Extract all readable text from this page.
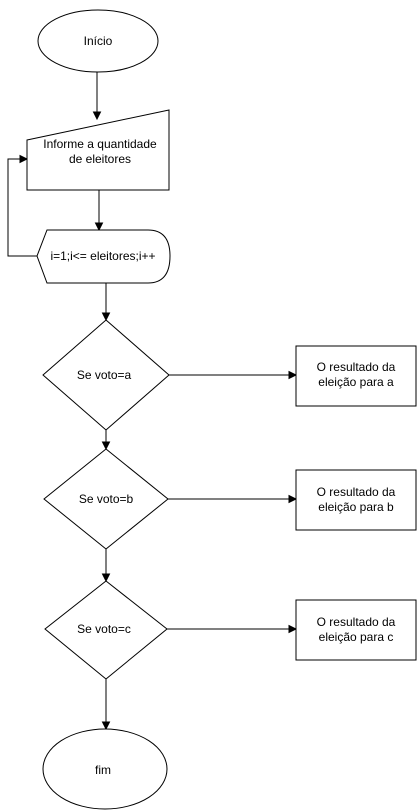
Início
Informe a quantidade
de eleitores
i=1;i<= eleitores;i++
Se voto=a
Se voto=b
Se voto=c
O resultado da
eleição para a
O resultado da
eleição para b
O resultado da
eleição para c
fim
